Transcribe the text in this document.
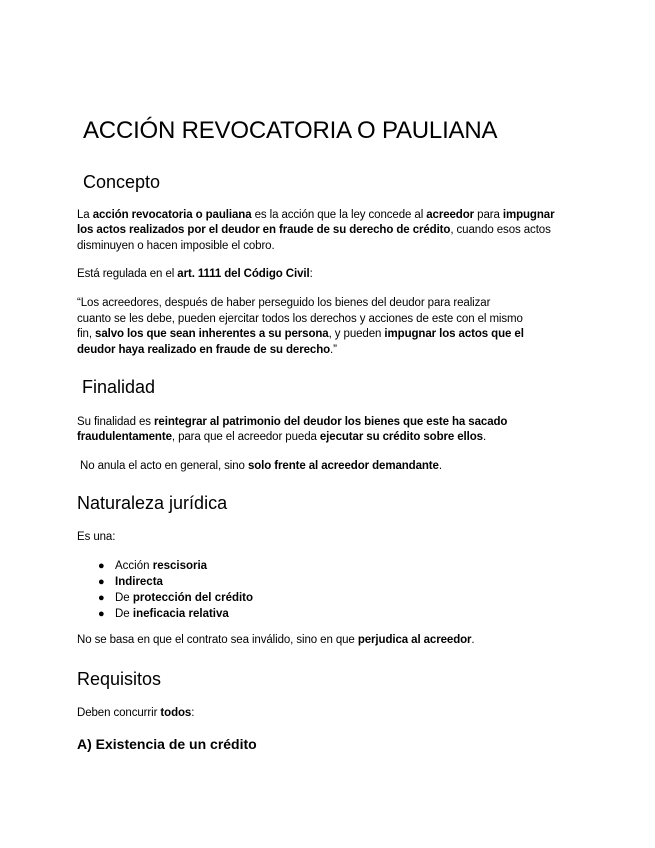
ACCIÓN REVOCATORIA O PAULIANA
Concepto
La acción revocatoria o pauliana es la acción que la ley concede al acreedor para impugnar
los actos realizados por el deudor en fraude de su derecho de crédito, cuando esos actos
disminuyen o hacen imposible el cobro.
Está regulada en el art. 1111 del Código Civil:
“Los acreedores, después de haber perseguido los bienes del deudor para realizar
cuanto se les debe, pueden ejercitar todos los derechos y acciones de este con el mismo
fin, salvo los que sean inherentes a su persona, y pueden impugnar los actos que el
deudor haya realizado en fraude de su derecho.”
Finalidad
Su finalidad es reintegrar al patrimonio del deudor los bienes que este ha sacado
fraudulentamente, para que el acreedor pueda ejecutar su crédito sobre ellos.
No anula el acto en general, sino solo frente al acreedor demandante.
Naturaleza jurídica
Es una:
● Acción rescisoria
● Indirecta
● De protección del crédito
● De ineficacia relativa
No se basa en que el contrato sea inválido, sino en que perjudica al acreedor.
Requisitos
Deben concurrir todos:
A) Existencia de un crédito
